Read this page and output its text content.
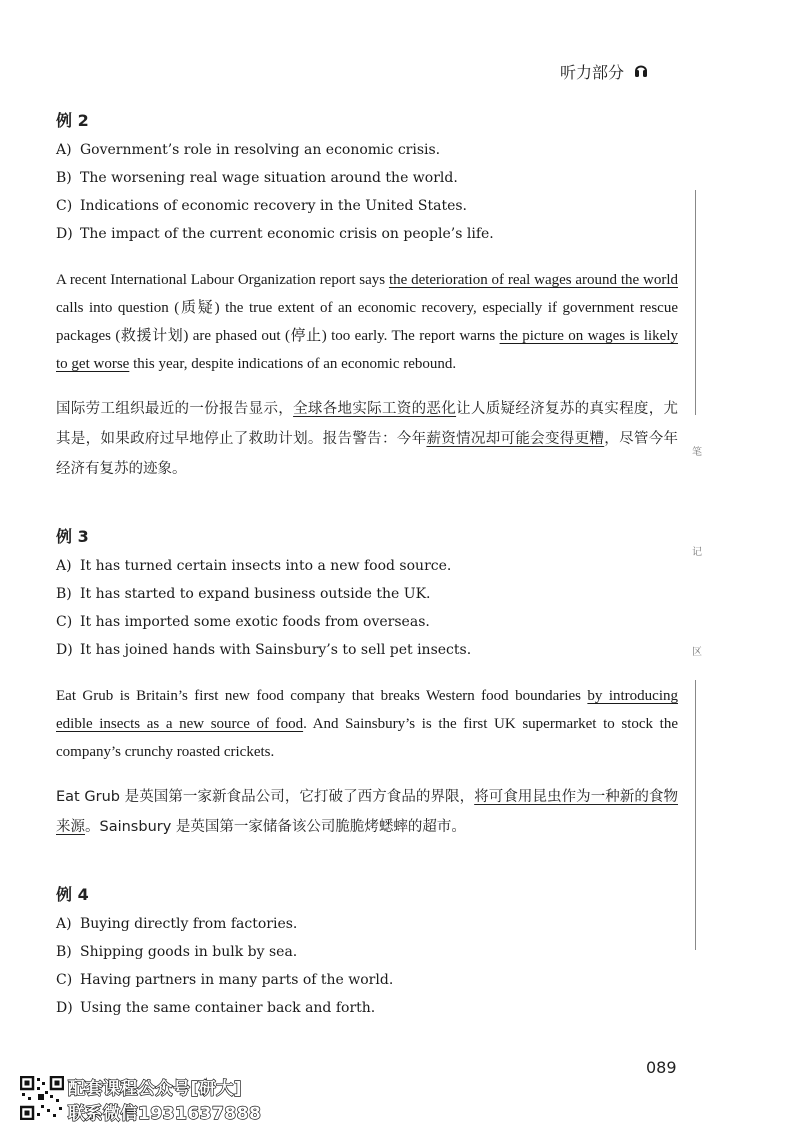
听力部分
笔
记
区
例 2

A) Government’s role in resolving an economic crisis.

B) The worsening real wage situation around the world.

C) Indications of economic recovery in the United States.

D) The impact of the current economic crisis on people’s life.

A recent International Labour Organization report says the deterioration of real wages around the world calls into question (质疑) the true extent of an economic recovery, especially if government rescue packages (救援计划) are phased out (停止) too early. The report warns the picture on wages is likely to get worse this year, despite indications of an economic rebound.

国际劳工组织最近的一份报告显示，全球各地实际工资的恶化让人质疑经济复苏的真实程度，尤其是，如果政府过早地停止了救助计划。报告警告：今年薪资情况却可能会变得更糟，尽管今年经济有复苏的迹象。

例 3

A) It has turned certain insects into a new food source.

B) It has started to expand business outside the UK.

C) It has imported some exotic foods from overseas.

D) It has joined hands with Sainsbury’s to sell pet insects.

Eat Grub is Britain’s first new food company that breaks Western food boundaries by introducing edible insects as a new source of food. And Sainsbury’s is the first UK supermarket to stock the company’s crunchy roasted crickets.

Eat Grub 是英国第一家新食品公司，它打破了西方食品的界限，将可食用昆虫作为一种新的食物来源。Sainsbury 是英国第一家储备该公司脆脆烤蟋蟀的超市。

例 4

A) Buying directly from factories.

B) Shipping goods in bulk by sea.

C) Having partners in many parts of the world.

D) Using the same container back and forth.

089
配套课程公众号[研大]
联系微信1931637888
